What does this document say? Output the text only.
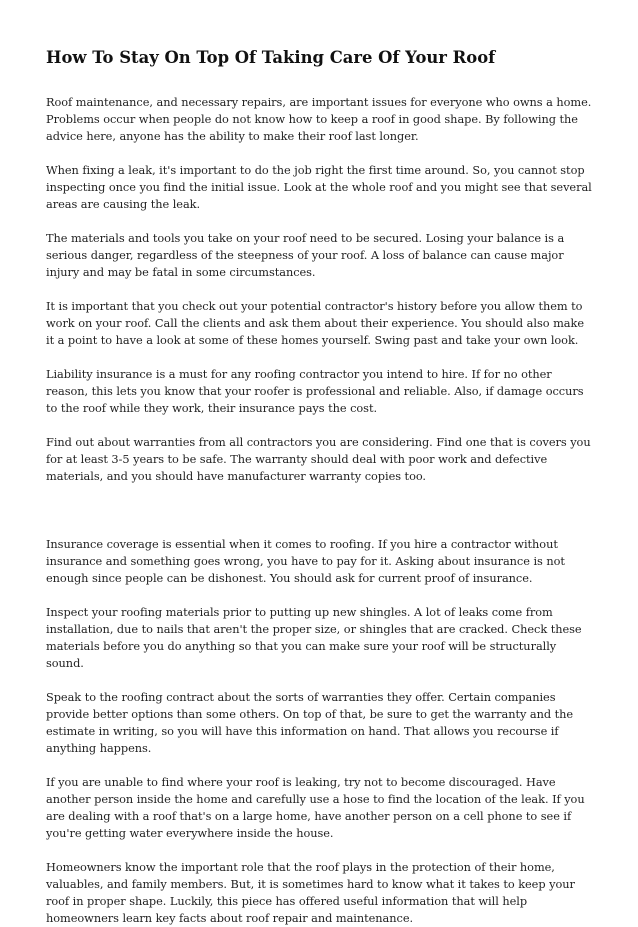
How To Stay On Top Of Taking Care Of Your Roof

Roof maintenance, and necessary repairs, are important issues for everyone who owns a home. Problems occur when people do not know how to keep a roof in good shape. By following the advice here, anyone has the ability to make their roof last longer.

When fixing a leak, it's important to do the job right the first time around. So, you cannot stop inspecting once you find the initial issue. Look at the whole roof and you might see that several areas are causing the leak.

The materials and tools you take on your roof need to be secured. Losing your balance is a serious danger, regardless of the steepness of your roof. A loss of balance can cause major injury and may be fatal in some circumstances.

It is important that you check out your potential contractor's history before you allow them to work on your roof. Call the clients and ask them about their experience. You should also make it a point to have a look at some of these homes yourself. Swing past and take your own look.

Liability insurance is a must for any roofing contractor you intend to hire. If for no other reason, this lets you know that your roofer is professional and reliable. Also, if damage occurs to the roof while they work, their insurance pays the cost.

Find out about warranties from all contractors you are considering. Find one that is covers you for at least 3-5 years to be safe. The warranty should deal with poor work and defective materials, and you should have manufacturer warranty copies too.

Insurance coverage is essential when it comes to roofing. If you hire a contractor without insurance and something goes wrong, you have to pay for it. Asking about insurance is not enough since people can be dishonest. You should ask for current proof of insurance.

Inspect your roofing materials prior to putting up new shingles. A lot of leaks come from installation, due to nails that aren't the proper size, or shingles that are cracked. Check these materials before you do anything so that you can make sure your roof will be structurally sound.

Speak to the roofing contract about the sorts of warranties they offer. Certain companies provide better options than some others. On top of that, be sure to get the warranty and the estimate in writing, so you will have this information on hand. That allows you recourse if anything happens.

If you are unable to find where your roof is leaking, try not to become discouraged. Have another person inside the home and carefully use a hose to find the location of the leak. If you are dealing with a roof that's on a large home, have another person on a cell phone to see if you're getting water everywhere inside the house.

Homeowners know the important role that the roof plays in the protection of their home, valuables, and family members. But, it is sometimes hard to know what it takes to keep your roof in proper shape. Luckily, this piece has offered useful information that will help homeowners learn key facts about roof repair and maintenance.
